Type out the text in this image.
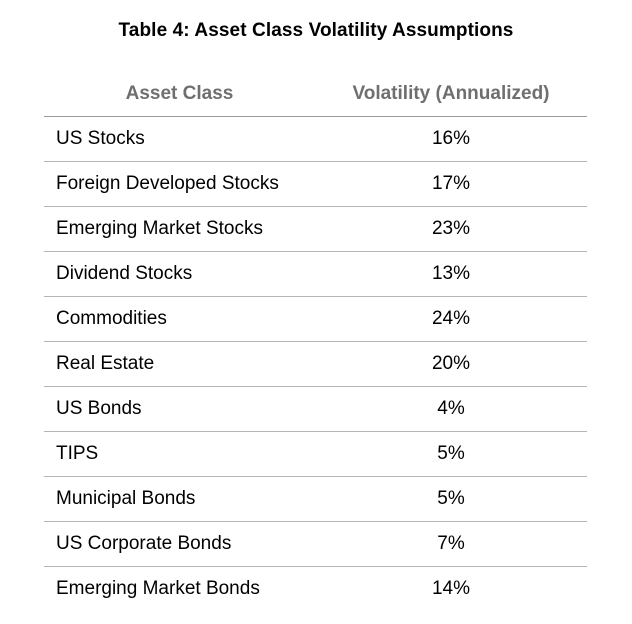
Table 4: Asset Class Volatility Assumptions
Asset Class	Volatility (Annualized)
US Stocks	16%
Foreign Developed Stocks	17%
Emerging Market Stocks	23%
Dividend Stocks	13%
Commodities	24%
Real Estate	20%
US Bonds	4%
TIPS	5%
Municipal Bonds	5%
US Corporate Bonds	7%
Emerging Market Bonds	14%
